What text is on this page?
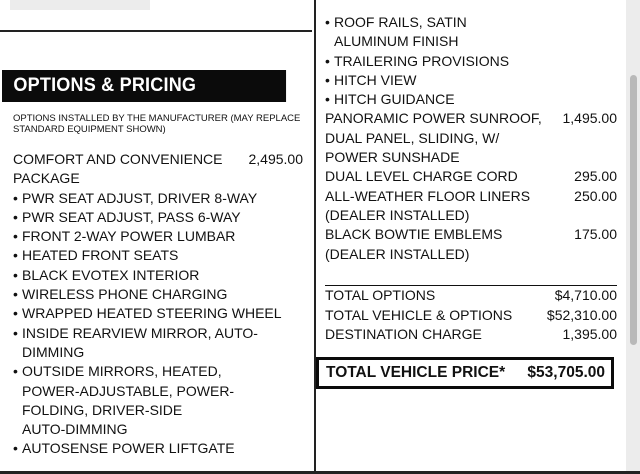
OPTIONS & PRICING
OPTIONS INSTALLED BY THE MANUFACTURER (MAY REPLACE STANDARD EQUIPMENT SHOWN)
COMFORT AND CONVENIENCE	2,495.00
PACKAGE
• PWR SEAT ADJUST, DRIVER 8-WAY
• PWR SEAT ADJUST, PASS 6-WAY
• FRONT 2-WAY POWER LUMBAR
• HEATED FRONT SEATS
• BLACK EVOTEX INTERIOR
• WIRELESS PHONE CHARGING
• WRAPPED HEATED STEERING WHEEL
• INSIDE REARVIEW MIRROR, AUTO-
DIMMING
• OUTSIDE MIRRORS, HEATED,
POWER-ADJUSTABLE, POWER-
FOLDING, DRIVER-SIDE
AUTO-DIMMING
• AUTOSENSE POWER LIFTGATE
• ROOF RAILS, SATIN
ALUMINUM FINISH
• TRAILERING PROVISIONS
• HITCH VIEW
• HITCH GUIDANCE
PANORAMIC POWER SUNROOF,	1,495.00
DUAL PANEL, SLIDING, W/
POWER SUNSHADE
DUAL LEVEL CHARGE CORD	295.00
ALL-WEATHER FLOOR LINERS	250.00
(DEALER INSTALLED)
BLACK BOWTIE EMBLEMS	175.00
(DEALER INSTALLED)
TOTAL OPTIONS	$4,710.00
TOTAL VEHICLE & OPTIONS $52,310.00
DESTINATION CHARGE	1,395.00
TOTAL VEHICLE PRICE* $53,705.00
